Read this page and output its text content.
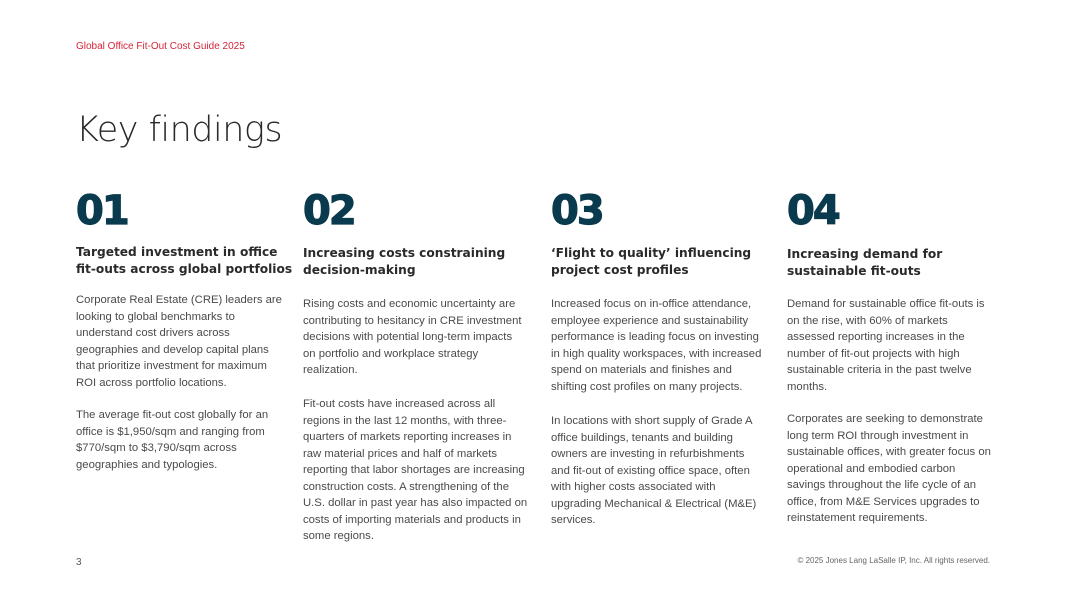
Global Office Fit-Out Cost Guide 2025
Key findings
01
Targeted investment in office
fit-outs across global portfolios
Corporate Real Estate (CRE) leaders are
looking to global benchmarks to
understand cost drivers across
geographies and develop capital plans
that prioritize investment for maximum
ROI across portfolio locations.
The average fit-out cost globally for an
office is $1,950/sqm and ranging from
$770/sqm to $3,790/sqm across
geographies and typologies.
02
Increasing costs constraining
decision-making
Rising costs and economic uncertainty are
contributing to hesitancy in CRE investment
decisions with potential long-term impacts
on portfolio and workplace strategy
realization.
Fit-out costs have increased across all
regions in the last 12 months, with three-
quarters of markets reporting increases in
raw material prices and half of markets
reporting that labor shortages are increasing
construction costs. A strengthening of the
U.S. dollar in past year has also impacted on
costs of importing materials and products in
some regions.
03
‘Flight to quality’ influencing
project cost profiles
Increased focus on in-office attendance,
employee experience and sustainability
performance is leading focus on investing
in high quality workspaces, with increased
spend on materials and finishes and
shifting cost profiles on many projects.
In locations with short supply of Grade A
office buildings, tenants and building
owners are investing in refurbishments
and fit-out of existing office space, often
with higher costs associated with
upgrading Mechanical & Electrical (M&E)
services.
04
Increasing demand for
sustainable fit-outs
Demand for sustainable office fit-outs is
on the rise, with 60% of markets
assessed reporting increases in the
number of fit-out projects with high
sustainable criteria in the past twelve
months.
Corporates are seeking to demonstrate
long term ROI through investment in
sustainable offices, with greater focus on
operational and embodied carbon
savings throughout the life cycle of an
office, from M&E Services upgrades to
reinstatement requirements.
3	© 2025 Jones Lang LaSalle IP, Inc. All rights reserved.
